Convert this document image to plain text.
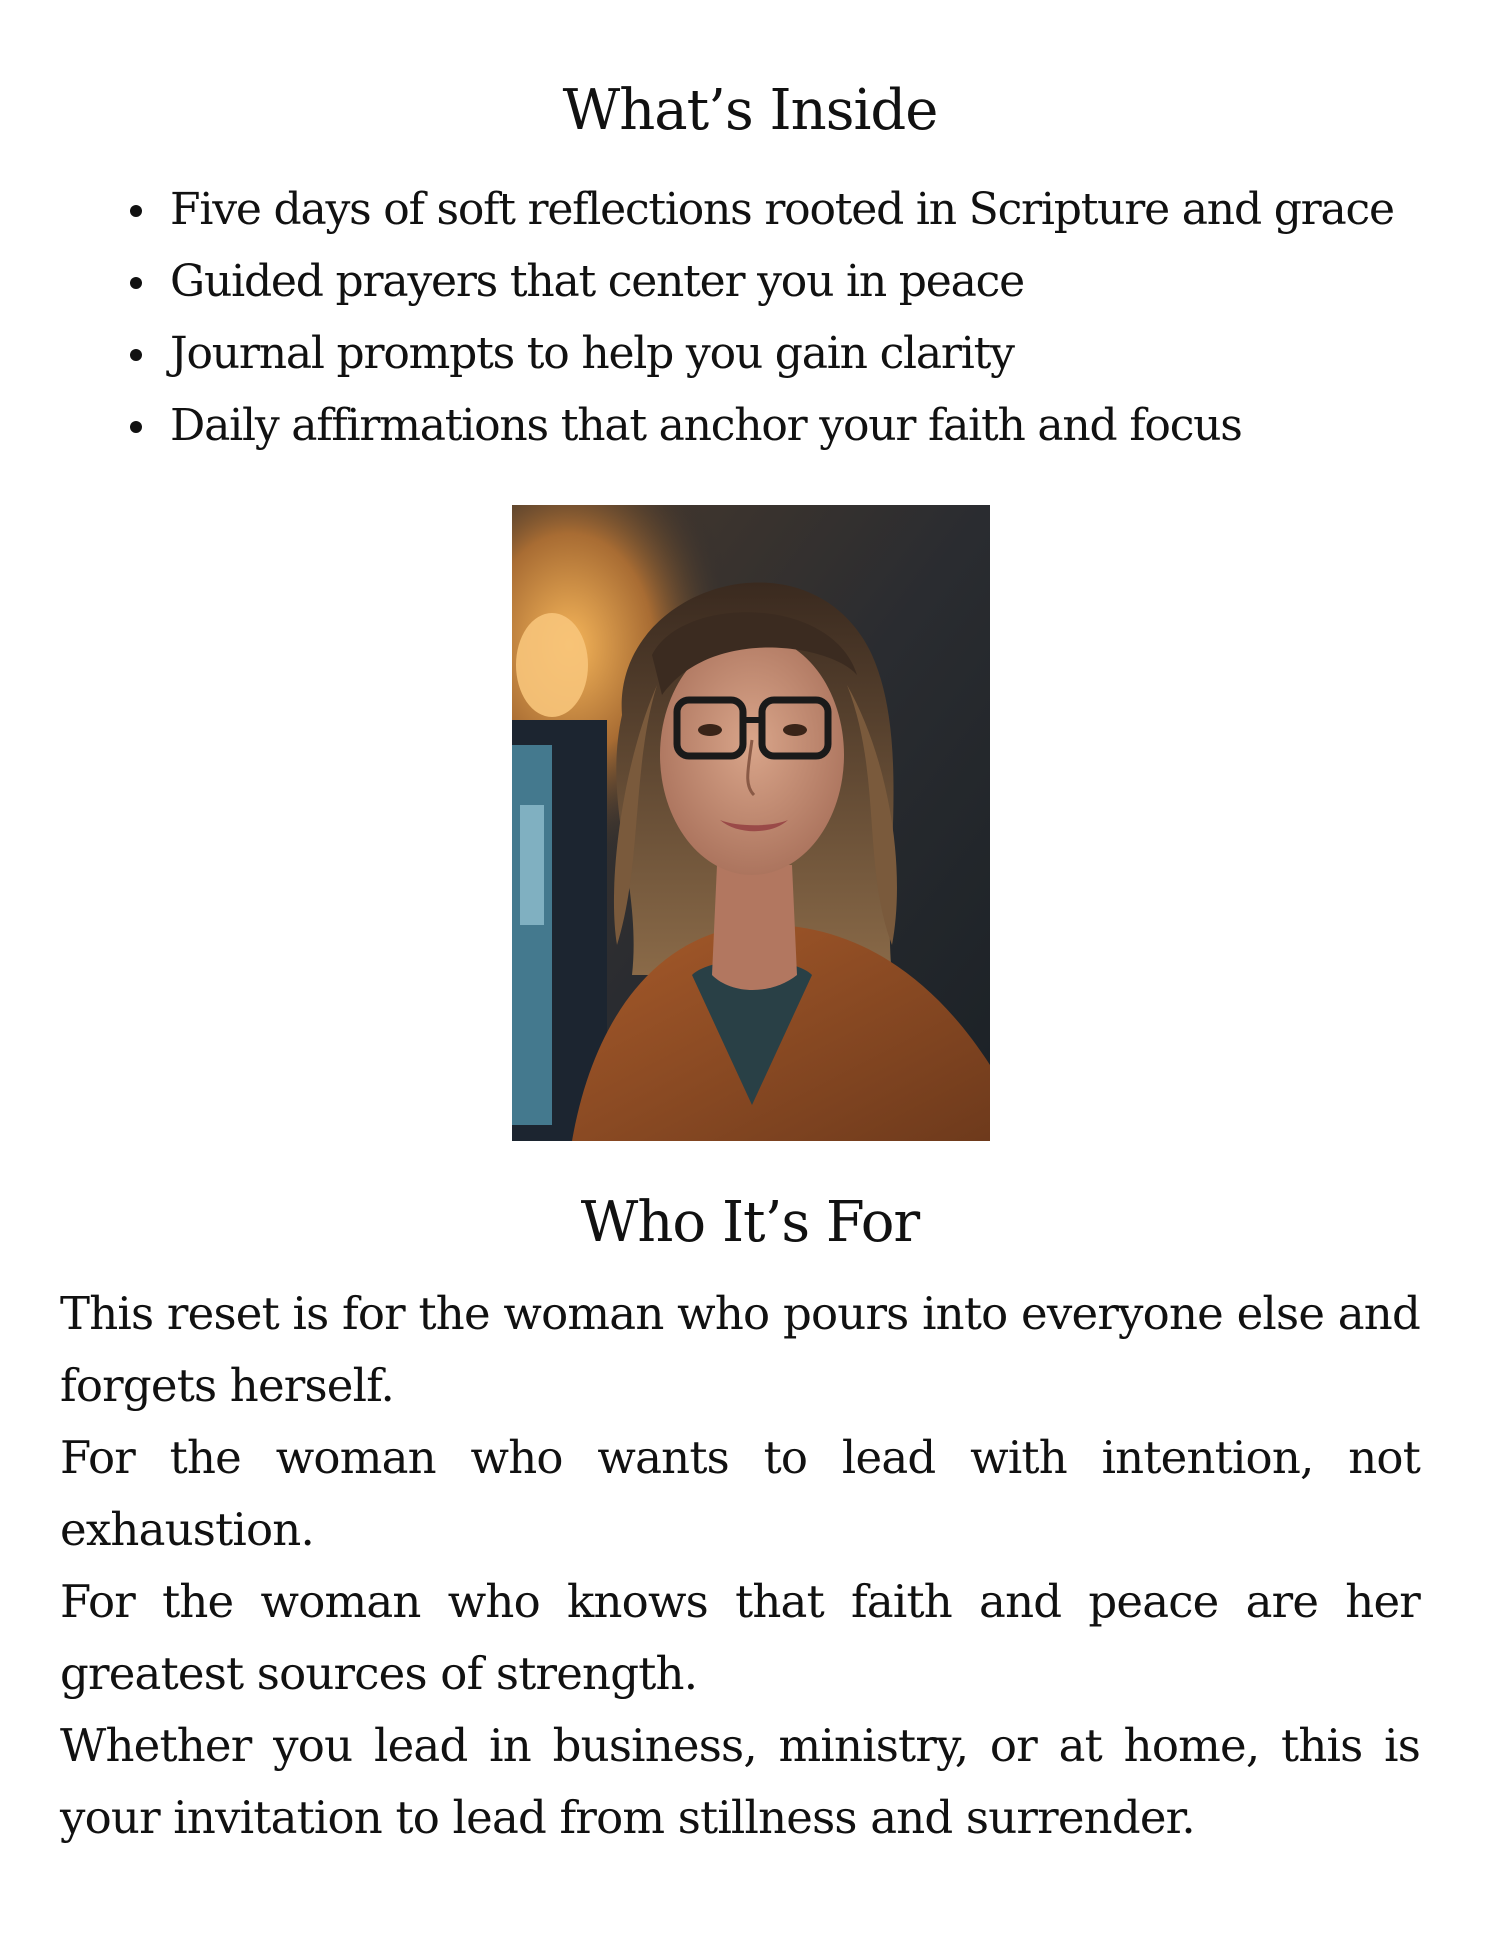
What’s Inside
Five days of soft reflections rooted in Scripture and grace
Guided prayers that center you in peace
Journal prompts to help you gain clarity
Daily affirmations that anchor your faith and focus
Who It’s For

This reset is for the woman who pours into everyone else and forgets herself.

For the woman who wants to lead with intention, not exhaustion.

For the woman who knows that faith and peace are her greatest sources of strength.

Whether you lead in business, ministry, or at home, this is your invitation to lead from stillness and surrender.
